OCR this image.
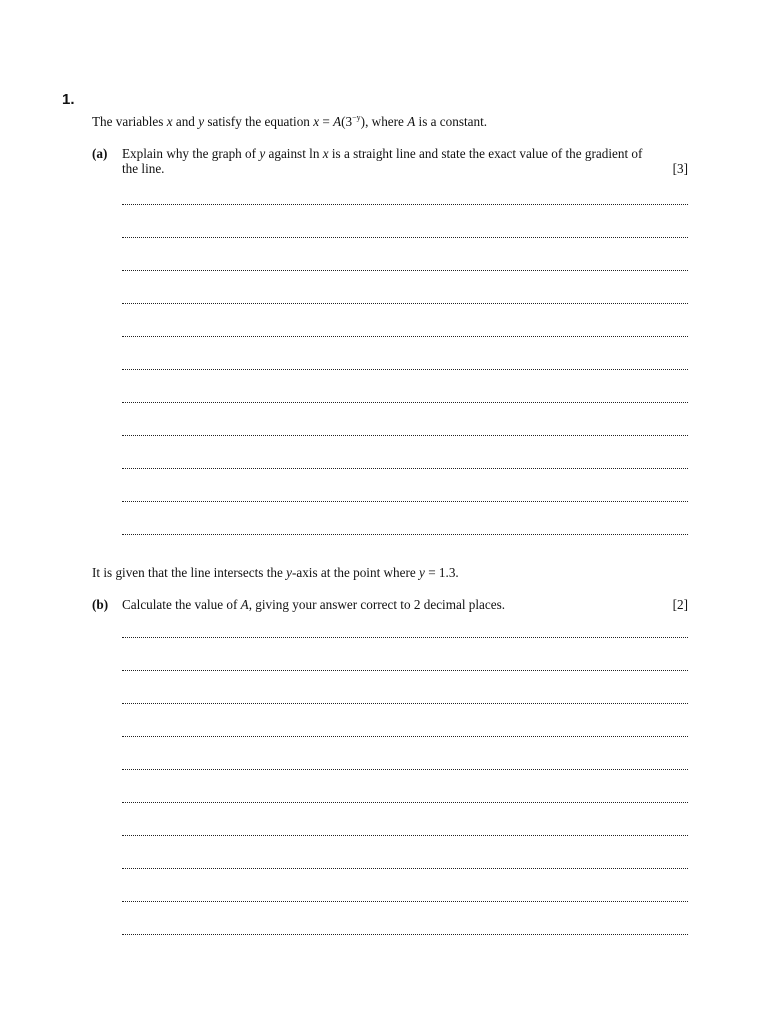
1.
The variables x and y satisfy the equation $x = A(3^{-y})$, where A is a constant.
(a) Explain why the graph of y against ln x is a straight line and state the exact value of the gradient of the line.	[3]
It is given that the line intersects the y-axis at the point where y = 1.3.
(b) Calculate the value of A, giving your answer correct to 2 decimal places.	[2]
